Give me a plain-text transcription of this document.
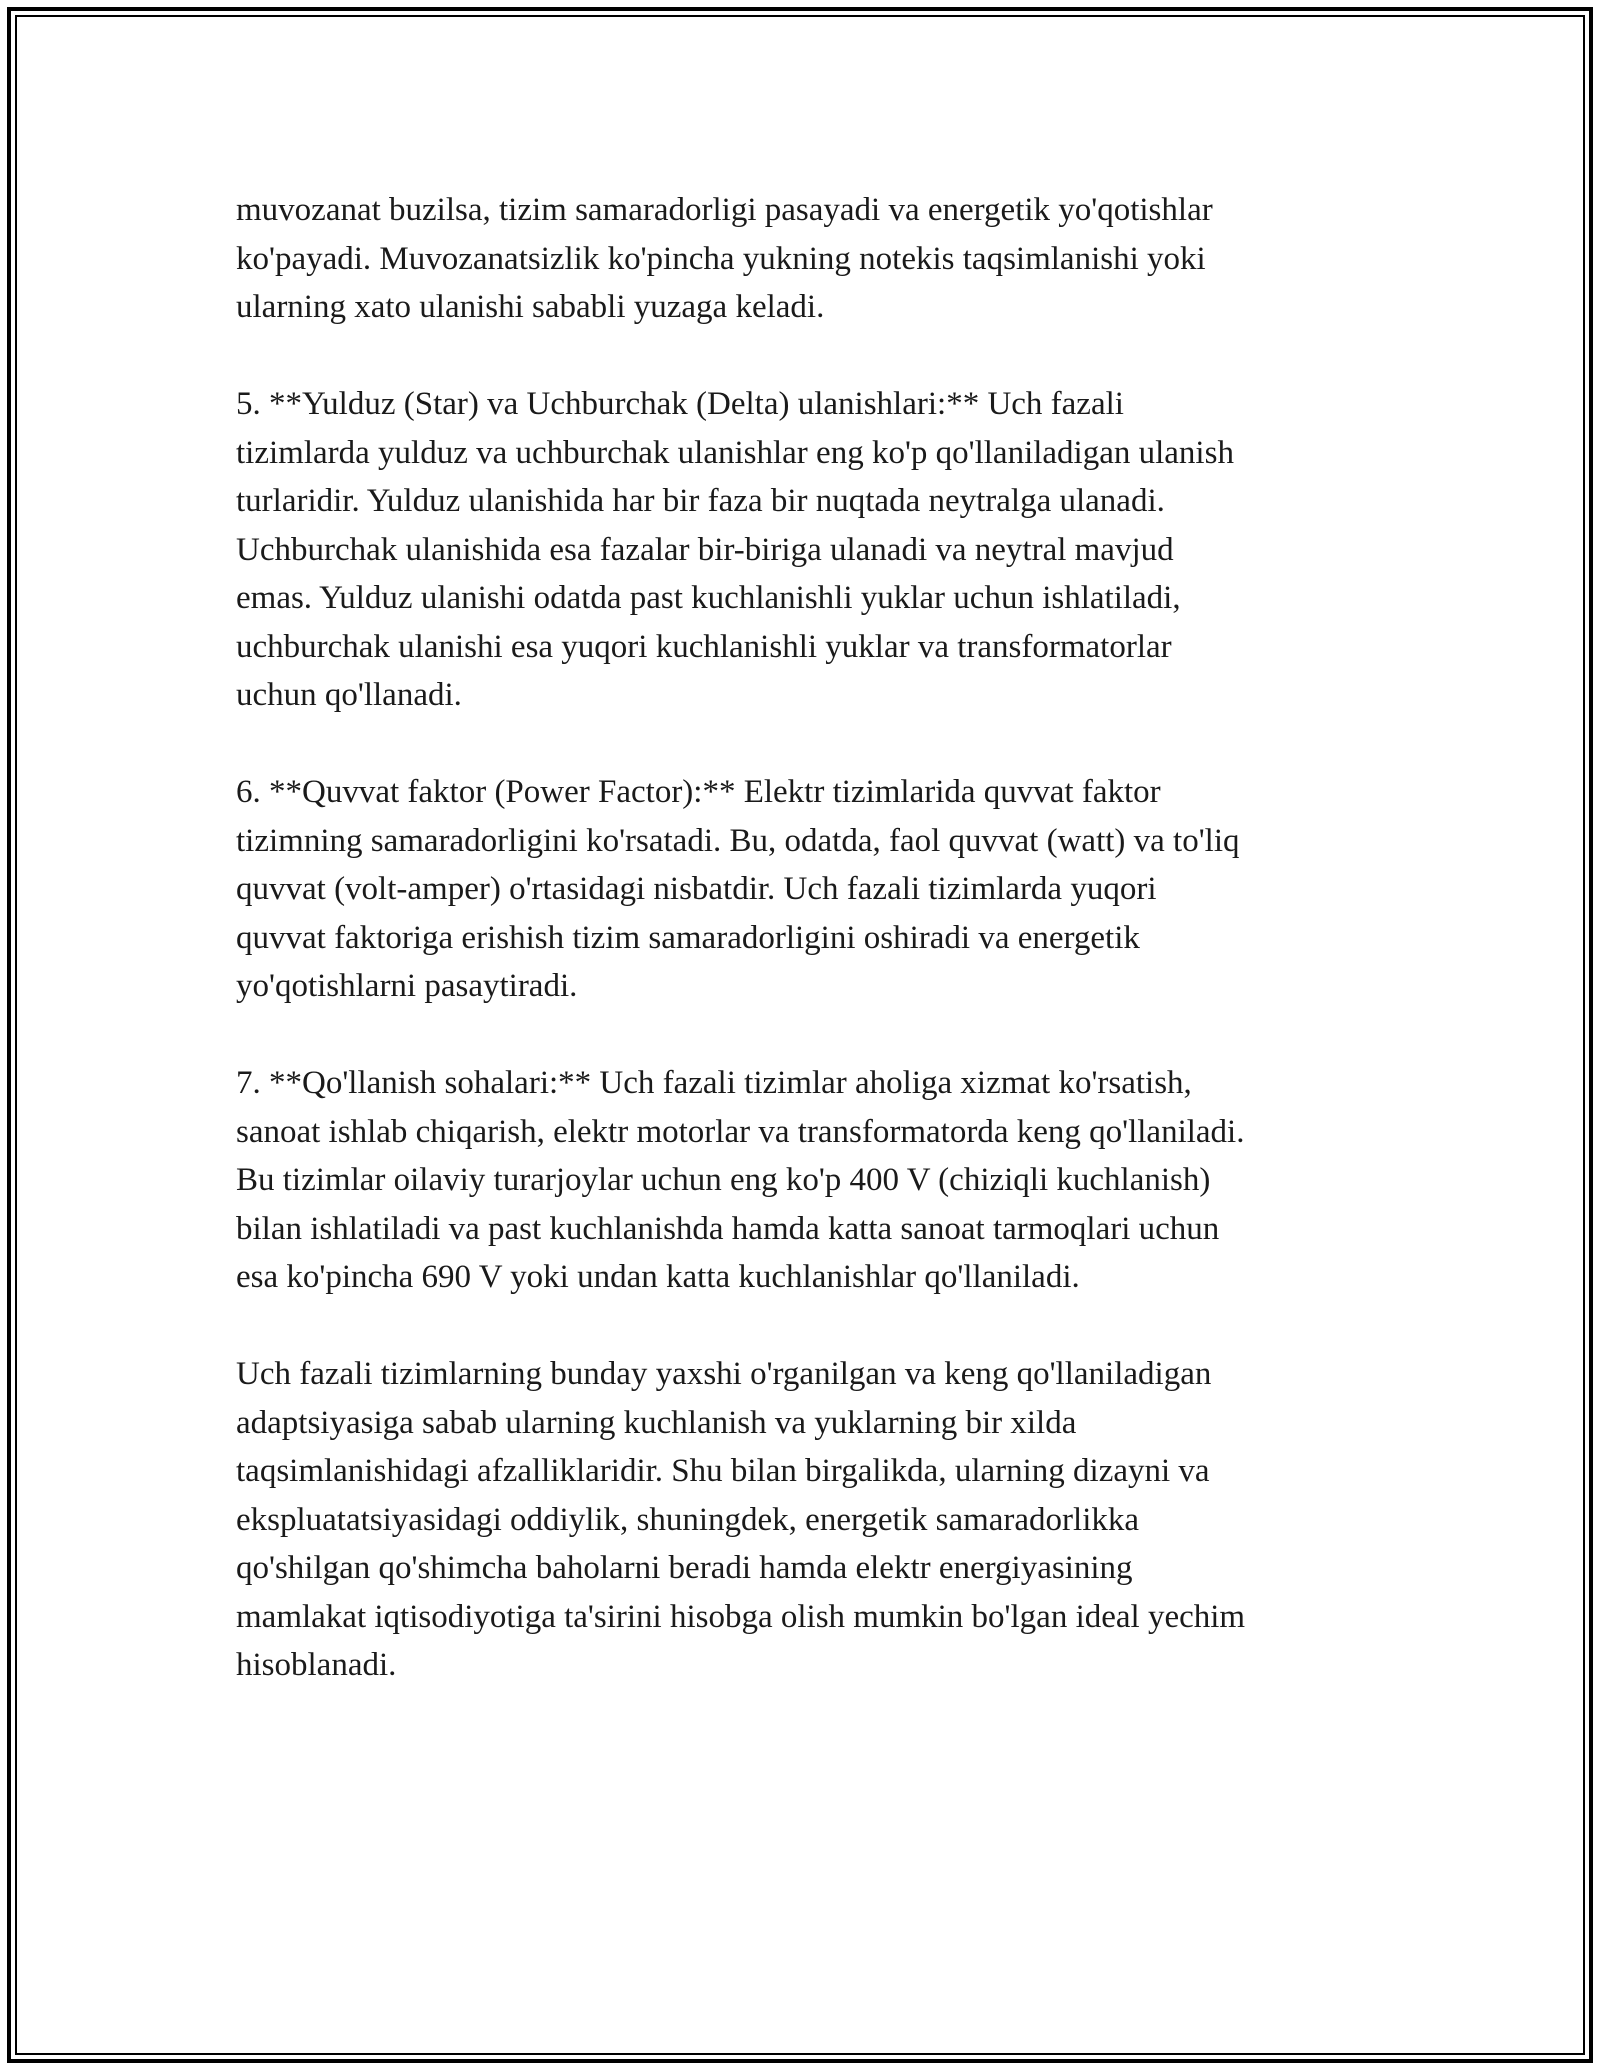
muvozanat buzilsa, tizim samaradorligi pasayadi va energetik yo'qotishlar
ko'payadi. Muvozanatsizlik ko'pincha yukning notekis taqsimlanishi yoki
ularning xato ulanishi sababli yuzaga keladi.

5. **Yulduz (Star) va Uchburchak (Delta) ulanishlari:** Uch fazali
tizimlarda yulduz va uchburchak ulanishlar eng ko'p qo'llaniladigan ulanish
turlaridir. Yulduz ulanishida har bir faza bir nuqtada neytralga ulanadi.
Uchburchak ulanishida esa fazalar bir-biriga ulanadi va neytral mavjud
emas. Yulduz ulanishi odatda past kuchlanishli yuklar uchun ishlatiladi,
uchburchak ulanishi esa yuqori kuchlanishli yuklar va transformatorlar
uchun qo'llanadi.

6. **Quvvat faktor (Power Factor):** Elektr tizimlarida quvvat faktor
tizimning samaradorligini ko'rsatadi. Bu, odatda, faol quvvat (watt) va to'liq
quvvat (volt-amper) o'rtasidagi nisbatdir. Uch fazali tizimlarda yuqori
quvvat faktoriga erishish tizim samaradorligini oshiradi va energetik
yo'qotishlarni pasaytiradi.

7. **Qo'llanish sohalari:** Uch fazali tizimlar aholiga xizmat ko'rsatish,
sanoat ishlab chiqarish, elektr motorlar va transformatorda keng qo'llaniladi.
Bu tizimlar oilaviy turarjoylar uchun eng ko'p 400 V (chiziqli kuchlanish)
bilan ishlatiladi va past kuchlanishda hamda katta sanoat tarmoqlari uchun
esa ko'pincha 690 V yoki undan katta kuchlanishlar qo'llaniladi.

Uch fazali tizimlarning bunday yaxshi o'rganilgan va keng qo'llaniladigan
adaptsiyasiga sabab ularning kuchlanish va yuklarning bir xilda
taqsimlanishidagi afzalliklaridir. Shu bilan birgalikda, ularning dizayni va
ekspluatatsiyasidagi oddiylik, shuningdek, energetik samaradorlikka
qo'shilgan qo'shimcha baholarni beradi hamda elektr energiyasining
mamlakat iqtisodiyotiga ta'sirini hisobga olish mumkin bo'lgan ideal yechim
hisoblanadi.
